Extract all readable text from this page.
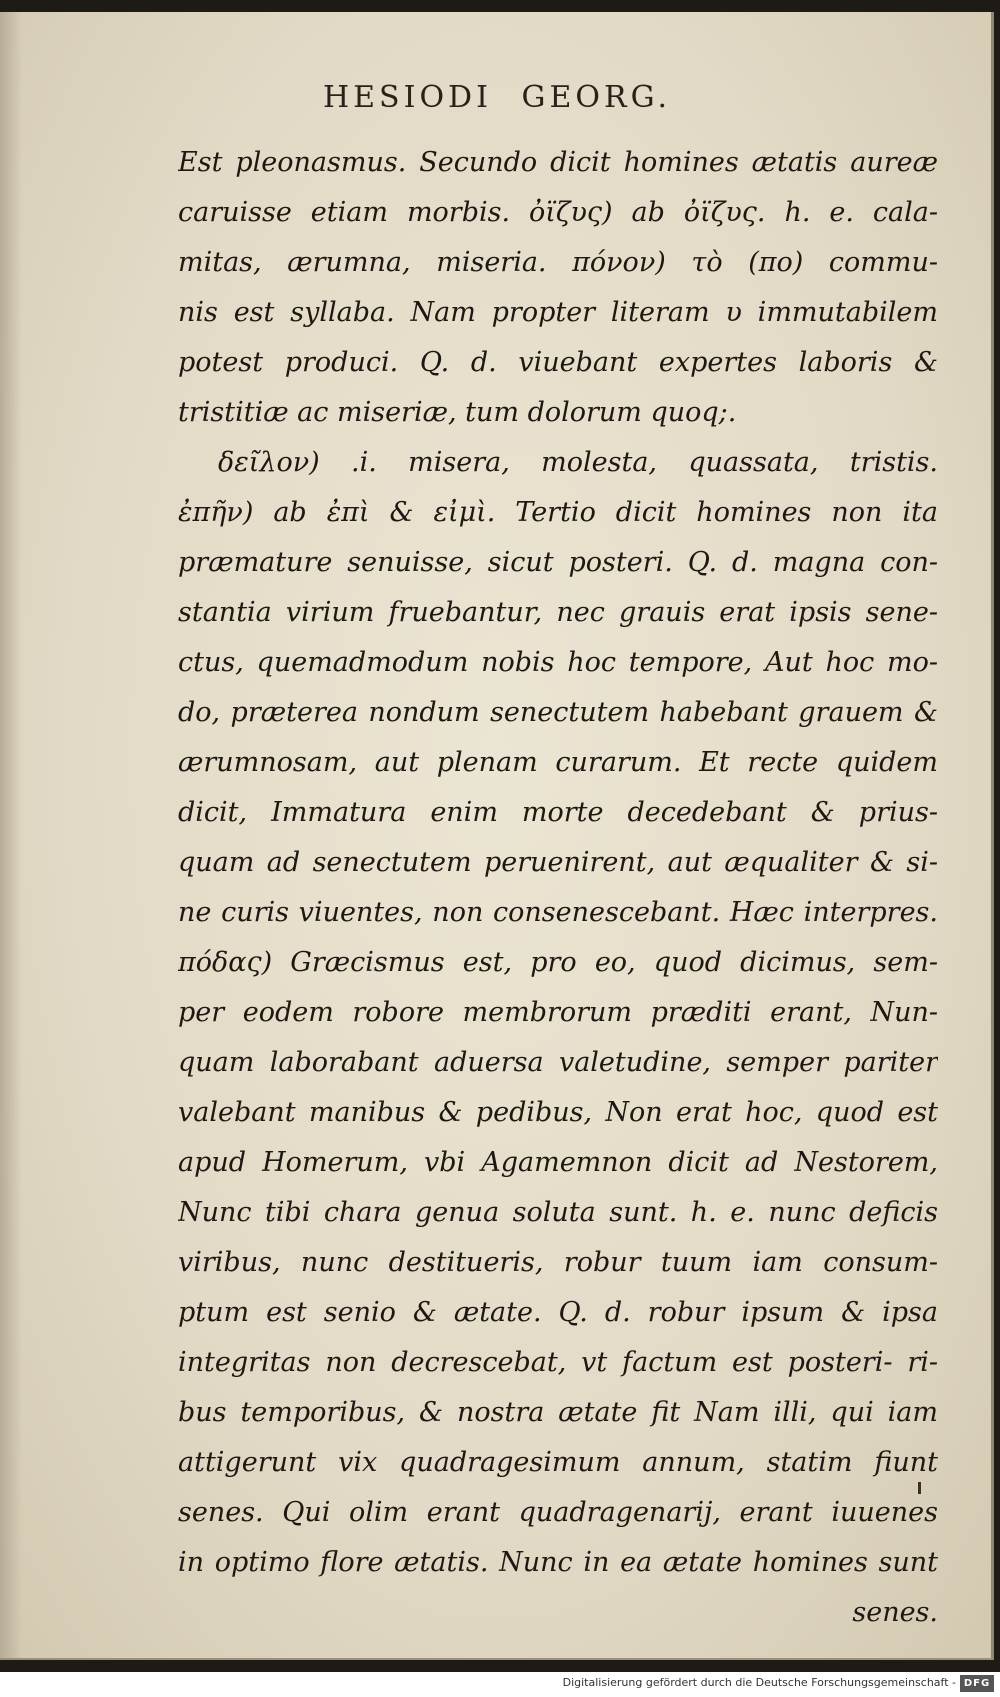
HESIODI GEORG.
Est pleonasmus. Secundo dicit homines ætatis aureæ
caruisse etiam morbis. ὀϊζυς) ab ὀϊζυς. h. e. cala-
mitas, ærumna, miseria. πόνον) τὸ (πο) commu-
nis est syllaba. Nam propter literam υ immutabilem
potest produci. Q. d. viuebant expertes laboris &
tristitiæ ac miseriæ, tum dolorum quoq;.
δεῖλον) .i. misera, molesta, quassata, tristis.
ἐπῆν) ab ἐπὶ & εἰμὶ. Tertio dicit homines non ita
præmature senuisse, sicut posteri. Q. d. magna con-
stantia virium fruebantur, nec grauis erat ipsis sene-
ctus, quemadmodum nobis hoc tempore, Aut hoc mo-
do, præterea nondum senectutem habebant grauem &
ærumnosam, aut plenam curarum. Et recte quidem
dicit, Immatura enim morte decedebant & prius-
quam ad senectutem peruenirent, aut æqualiter & si-
ne curis viuentes, non consenescebant. Hæc interpres.
πόδας) Græcismus est, pro eo, quod dicimus, sem-
per eodem robore membrorum præditi erant, Nun-
quam laborabant aduersa valetudine, semper pariter
valebant manibus & pedibus, Non erat hoc, quod est
apud Homerum, vbi Agamemnon dicit ad Nestorem,
Nunc tibi chara genua soluta sunt. h. e. nunc deficis
viribus, nunc destitueris, robur tuum iam consum-
ptum est senio & ætate. Q. d. robur ipsum & ipsa
integritas non decrescebat, vt factum est posteri- ri-
bus temporibus, & nostra ætate fit Nam illi, qui iam
attigerunt vix quadragesimum annum, statim fiunt
senes. Qui olim erant quadragenarij, erant iuuenes
in optimo flore ætatis. Nunc in ea ætate homines sunt
senes.
Digitalisierung gefördert durch die Deutsche Forschungsgemeinschaft - DFG
